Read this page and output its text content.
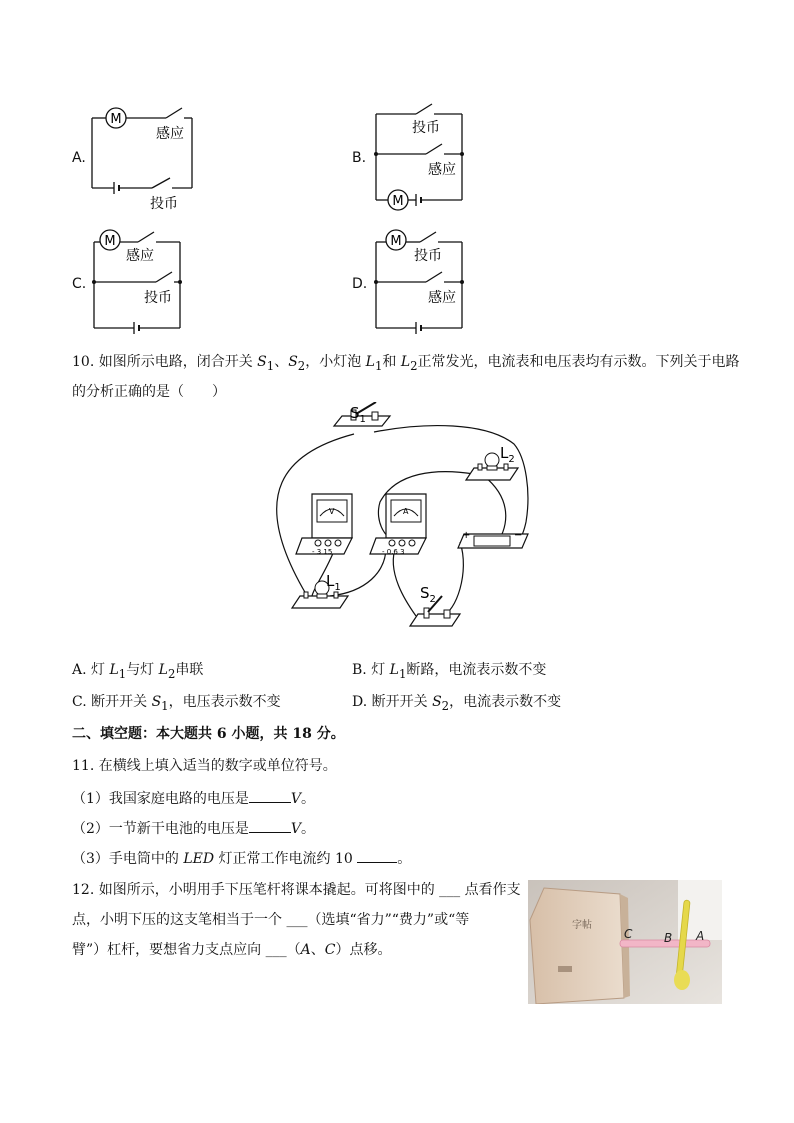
A.
M
感应
投币
B.
M
投币
感应
C.
M
感应
投币
D.
M
投币
感应
10. 如图所示电路，闭合开关 $S_1$、$S_2$，小灯泡 $L_1$和 $L_2$正常发光，电流表和电压表均有示数。下列关于电路
的分析正确的是（　　）
V
- 3 15
A
- 0.6 3
+	−
$S_1$
$L_2$
$L_1$	$S_2$
A. 灯 $L_1$与灯 $L_2$串联	B. 灯 $L_1$断路，电流表示数不变
C. 断开开关 $S_1$，电压表示数不变	D. 断开开关 $S_2$，电流表示数不变
二、填空题：本大题共 6 小题，共 18 分。
11. 在横线上填入适当的数字或单位符号。
（1）我国家庭电路的电压是	V。
（2）一节新干电池的电压是	V。
（3）手电筒中的 LED 灯正常工作电流约 10	。
12. 如图所示，小明用手下压笔杆将课本撬起。可将图中的 ___ 点看作支
点，小明下压的这支笔相当于一个 ___（选填“省力”“费力”或“等
臂”）杠杆，要想省力支点应向 ___（A、C）点移。
字帖
C	B A
